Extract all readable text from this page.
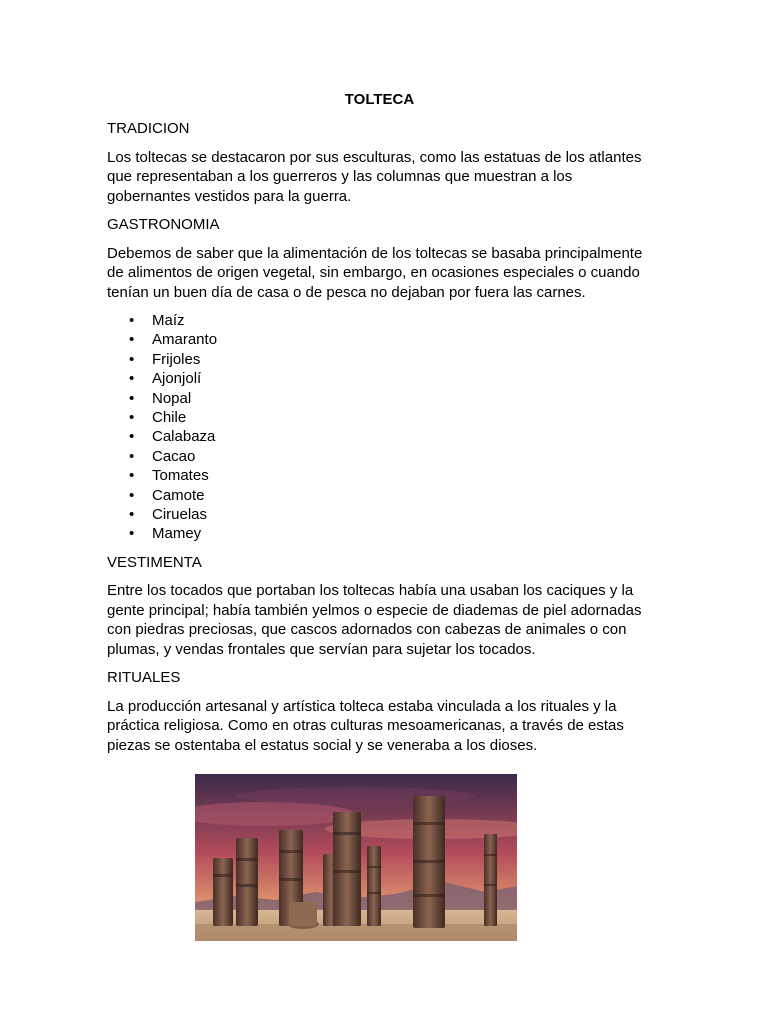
TOLTECA
TRADICION
Los toltecas se destacaron por sus esculturas, como las estatuas de los atlantes que representaban a los guerreros y las columnas que muestran a los gobernantes vestidos para la guerra.
GASTRONOMIA
Debemos de saber que la alimentación de los toltecas se basaba principalmente de alimentos de origen vegetal, sin embargo, en ocasiones especiales o cuando tenían un buen día de casa o de pesca no dejaban por fuera las carnes.
• Maíz
• Amaranto
• Frijoles
• Ajonjolí
• Nopal
• Chile
• Calabaza
• Cacao
• Tomates
• Camote
• Ciruelas
• Mamey
VESTIMENTA
Entre los tocados que portaban los toltecas había una usaban los caciques y la gente principal; había también yelmos o especie de diademas de piel adornadas con piedras preciosas, que cascos adornados con cabezas de animales o con plumas, y vendas frontales que servían para sujetar los tocados.
RITUALES
La producción artesanal y artística tolteca estaba vinculada a los rituales y la práctica religiosa. Como en otras culturas mesoamericanas, a través de estas piezas se ostentaba el estatus social y se veneraba a los dioses.
